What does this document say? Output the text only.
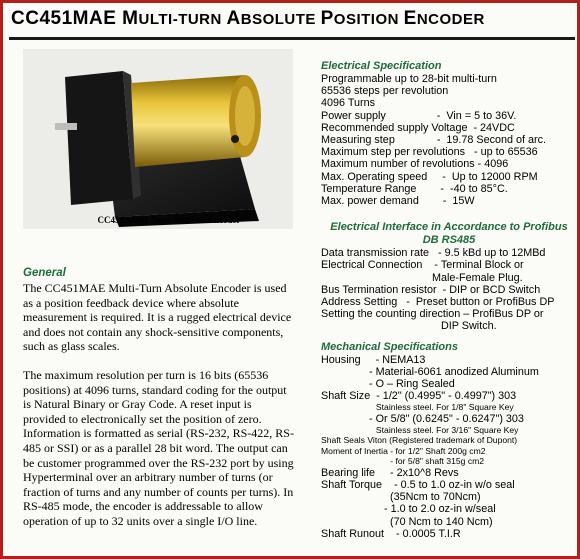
CC451MAE MULTI-TURN ABSOLUTE POSITION ENCODER
CC451 Multi-Turn Absolute Encoder
General

The CC451MAE Multi-Turn Absolute Encoder is used as a position feedback device where absolute measurement is required. It is a rugged electrical device and does not contain any shock-sensitive components, such as glass scales.

The maximum resolution per turn is 16 bits (65536 positions) at 4096 turns, standard coding for the output is Natural Binary or Gray Code. A reset input is provided to electronically set the position of zero. Information is formatted as serial (RS-232, RS-422, RS-485 or SSI) or as a parallel 28 bit word. The output can be customer programmed over the RS-232 port by using Hyperterminal over an arbitrary number of turns (or fraction of turns and any number of counts per turns). In RS-485 mode, the encoder is addressable to allow operation of up to 32 units over a single I/O line.

Electrical Specification
Programmable up to 28-bit multi-turn
65536 steps per revolution
4096 Turns
Power supply                 -  Vin = 5 to 36V.
Recommended supply Voltage  - 24VDC
Measuring step              -  19.78 Second of arc.
Maximum step per revolutions   - up to 65536
Maximum number of revolutions - 4096
Max. Operating speed     -  Up to 12000 RPM
Temperature Range        -  -40 to 85°C.
Max. power demand        -  15W
Electrical Interface in Accordance to Profibus
DB RS485
Data transmission rate   - 9.5 kBd up to 12MBd
Electrical Connection    - Terminal Block or
Male-Female Plug.
Bus Termination resistor  - DIP or BCD Switch
Address Setting   -  Preset button or ProfiBus DP
Setting the counting direction – ProfiBus DP or
DIP Switch.
Mechanical Specifications
Housing     - NEMA13
- Material-6061 anodized Aluminum
- O – Ring Sealed
Shaft Size  - 1/2" (0.4995" - 0.4997") 303
Stainless steel. For 1/8" Square Key
- Or 5/8" (0.6245" - 0.6247") 303
Stainless steel. For 3/16" Square Key
Shaft Seals Viton (Registered trademark of Dupont)
Moment of Inertia - for 1/2" Shaft 200g cm2
- for 5/8" shaft 315g cm2
Bearing life     - 2x10^8 Revs
Shaft Torque    - 0.5 to 1.0 oz-in w/o seal
(35Ncm to 70Ncm)
- 1.0 to 2.0 oz-in w/seal
(70 Ncm to 140 Ncm)
Shaft Runout    - 0.0005 T.I.R
